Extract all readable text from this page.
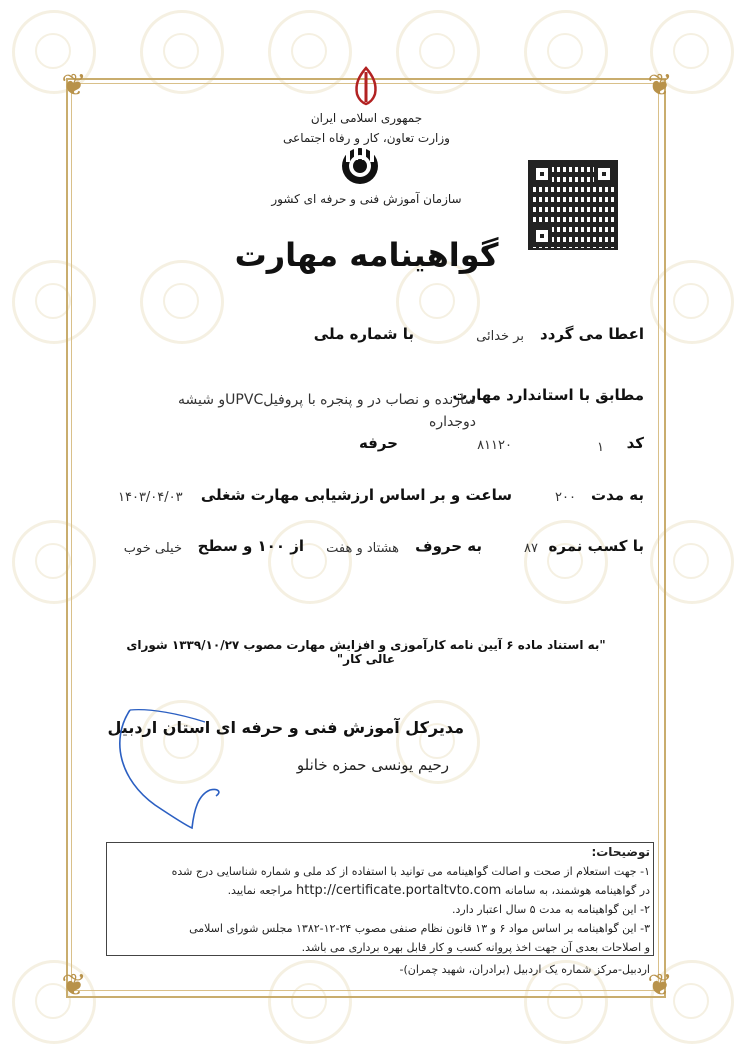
❦	❦
❦	❦
جمهوری اسلامی ایران
وزارت تعاون، کار و رفاه اجتماعی
سازمان آموزش فنی و حرفه ای کشور
گواهینامه مهارت
اعطا می گردد
بر خدائی
با شماره ملی
مطابق با استاندارد مهارت
سازنده و نصاب در و پنجره با پروفیلUPVCو شیشه دوجداره
کد
۱
۸۱۱۲۰
حرفه
به مدت
۲۰۰
ساعت و بر اساس ارزشیابی مهارت شغلی
۱۴۰۳/۰۴/۰۳
با کسب نمره
۸۷
به حروف
هشتاد و هفت
از ۱۰۰ و سطح
خیلی خوب
"به استناد ماده ۶ آیین نامه کارآموزی و افزایش مهارت مصوب ۱۳۳۹/۱۰/۲۷ شورای عالی کار"
مدیرکل آموزش فنی و حرفه ای استان اردبیل
رحیم یونسی حمزه خانلو
توضیحات:
۱- جهت استعلام از صحت و اصالت گواهینامه می توانید با استفاده از کد ملی و شماره شناسایی درج شده
در گواهینامه هوشمند، به سامانه http://certificate.portaltvto.com مراجعه نمایید.
۲- این گواهینامه به مدت ۵ سال اعتبار دارد.
۳- این گواهینامه بر اساس مواد ۶ و ۱۳ قانون نظام صنفی مصوب ۲۴-۱۲-۱۳۸۲ مجلس شورای اسلامی
و اصلاحات بعدی آن جهت اخذ پروانه کسب و کار قابل بهره برداری می باشد.
اردبیل-مرکز شماره یک اردبیل (برادران، شهید چمران)-
